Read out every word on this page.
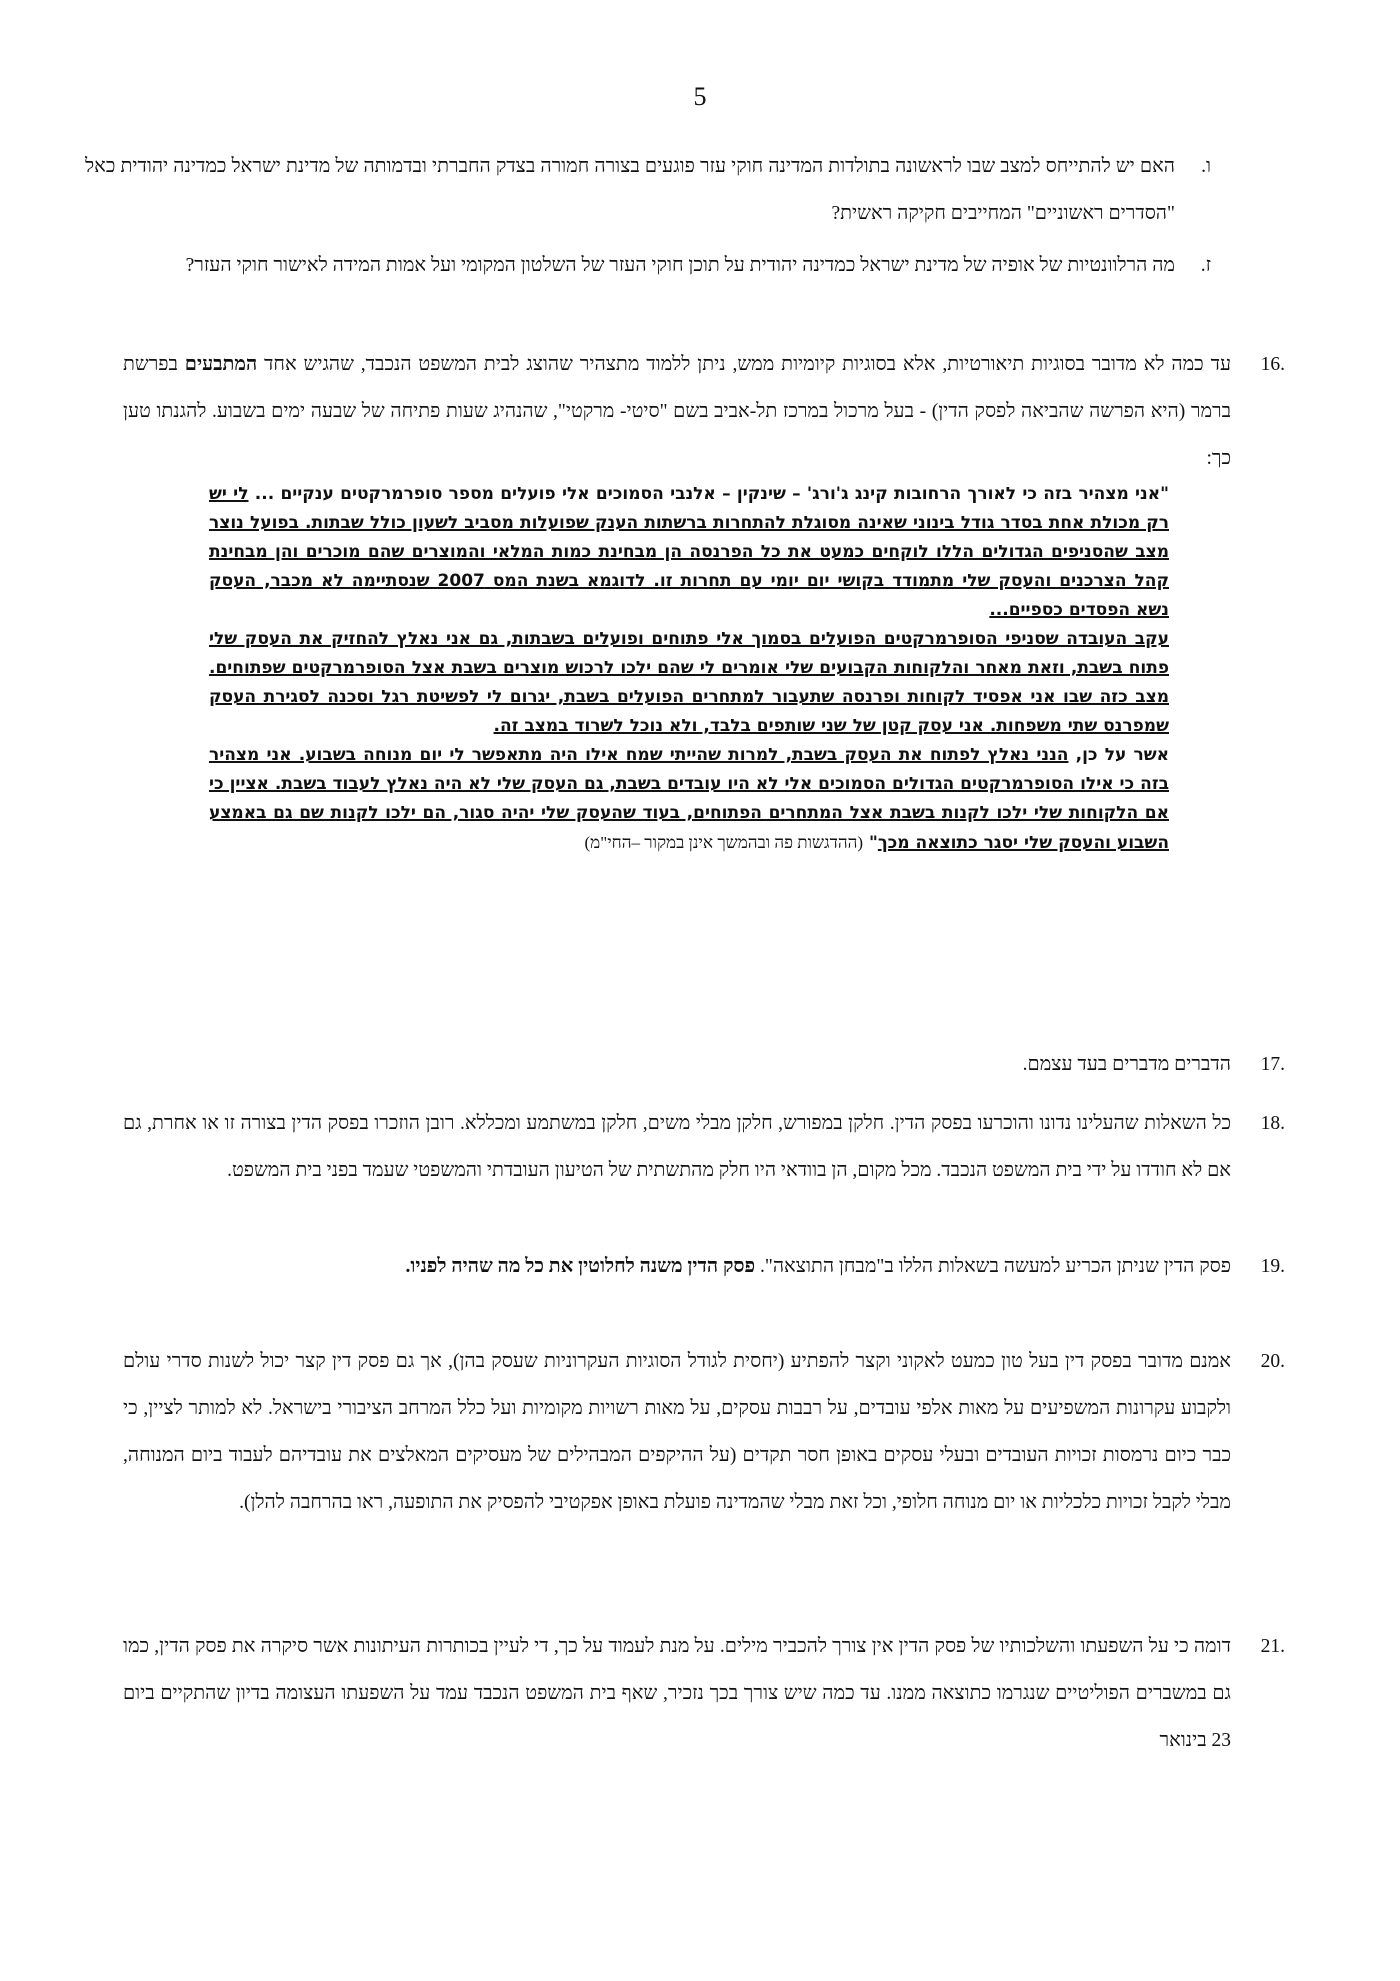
5
ו.

האם יש להתייחס למצב שבו לראשונה בתולדות המדינה חוקי עזר פוגעים בצורה חמורה בצדק החברתי ובדמותה של מדינת ישראל כמדינה יהודית כאל "הסדרים ראשוניים" המחייבים חקיקה ראשית?

ז.

מה הרלוונטיות של אופיה של מדינת ישראל כמדינה יהודית על תוכן חוקי העזר של השלטון המקומי ועל אמות המידה לאישור חוקי העזר?

.16

עד כמה לא מדובר בסוגיות תיאורטיות, אלא בסוגיות קיומיות ממש, ניתן ללמוד מתצהיר שהוצג לבית המשפט הנכבד, שהגיש אחד המתבעים בפרשת ברמר (היא הפרשה שהביאה לפסק הדין) - בעל מרכול במרכז תל-אביב בשם "סיטי- מרקטי", שהנהיג שעות פתיחה של שבעה ימים בשבוע. להגנתו טען כך:

"אני מצהיר בזה כי לאורך הרחובות קינג ג'ורג' – שינקין – אלנבי הסמוכים אלי פועלים מספר סופרמרקטים ענקיים ... לי יש רק מכולת אחת בסדר גודל בינוני שאינה מסוגלת להתחרות ברשתות הענק שפועלות מסביב לשעון כולל שבתות. בפועל נוצר מצב שהסניפים הגדולים הללו לוקחים כמעט את כל הפרנסה הן מבחינת כמות המלאי והמוצרים שהם מוכרים והן מבחינת קהל הצרכנים והעסק שלי מתמודד בקושי יום יומי עם תחרות זו. לדוגמא בשנת המס 2007 שנסתיימה לא מכבר, העסק נשא הפסדים כספיים...

עקב העובדה שסניפי הסופרמרקטים הפועלים בסמוך אלי פתוחים ופועלים בשבתות, גם אני נאלץ להחזיק את העסק שלי פתוח בשבת, וזאת מאחר והלקוחות הקבועים שלי אומרים לי שהם ילכו לרכוש מוצרים בשבת אצל הסופרמרקטים שפתוחים. מצב כזה שבו אני אפסיד לקוחות ופרנסה שתעבור למתחרים הפועלים בשבת, יגרום לי לפשיטת רגל וסכנה לסגירת העסק שמפרנס שתי משפחות. אני עסק קטן של שני שותפים בלבד, ולא נוכל לשרוד במצב זה.

אשר על כן, הנני נאלץ לפתוח את העסק בשבת, למרות שהייתי שמח אילו היה מתאפשר לי יום מנוחה בשבוע. אני מצהיר בזה כי אילו הסופרמרקטים הגדולים הסמוכים אלי לא היו עובדים בשבת, גם העסק שלי לא היה נאלץ לעבוד בשבת. אציין כי אם הלקוחות שלי ילכו לקנות בשבת אצל המתחרים הפתוחים, בעוד שהעסק שלי יהיה סגור, הם ילכו לקנות שם גם באמצע השבוע והעסק שלי יסגר כתוצאה מכך" (ההדגשות פה ובהמשך אינן במקור –החי"מ)

.17

הדברים מדברים בעד עצמם.

.18

כל השאלות שהעלינו נדונו והוכרעו בפסק הדין. חלקן במפורש, חלקן מבלי משים, חלקן במשתמע ומכללא. רובן הוזכרו בפסק הדין בצורה זו או אחרת, גם אם לא חודדו על ידי בית המשפט הנכבד. מכל מקום, הן בוודאי היו חלק מהתשתית של הטיעון העובדתי והמשפטי שעמד בפני בית המשפט.

.19

פסק הדין שניתן הכריע למעשה בשאלות הללו ב"מבחן התוצאה". פסק הדין משנה לחלוטין את כל מה שהיה לפניו.

.20

אמנם מדובר בפסק דין בעל טון כמעט לאקוני וקצר להפתיע (יחסית לגודל הסוגיות העקרוניות שעסק בהן), אך גם פסק דין קצר יכול לשנות סדרי עולם ולקבוע עקרונות המשפיעים על מאות אלפי עובדים, על רבבות עסקים, על מאות רשויות מקומיות ועל כלל המרחב הציבורי בישראל. לא למותר לציין, כי כבר כיום נרמסות זכויות העובדים ובעלי עסקים באופן חסר תקדים (על ההיקפים המבהילים של מעסיקים המאלצים את עובדיהם לעבוד ביום המנוחה, מבלי לקבל זכויות כלכליות או יום מנוחה חלופי, וכל זאת מבלי שהמדינה פועלת באופן אפקטיבי להפסיק את התופעה, ראו בהרחבה להלן).

.21

דומה כי על השפעתו והשלכותיו של פסק הדין אין צורך להכביר מילים. על מנת לעמוד על כך, די לעיין בכותרות העיתונות אשר סיקרה את פסק הדין, כמו גם במשברים הפוליטיים שנגרמו כתוצאה ממנו. עד כמה שיש צורך בכך נזכיר, שאף בית המשפט הנכבד עמד על השפעתו העצומה בדיון שהתקיים ביום 23 בינואר
